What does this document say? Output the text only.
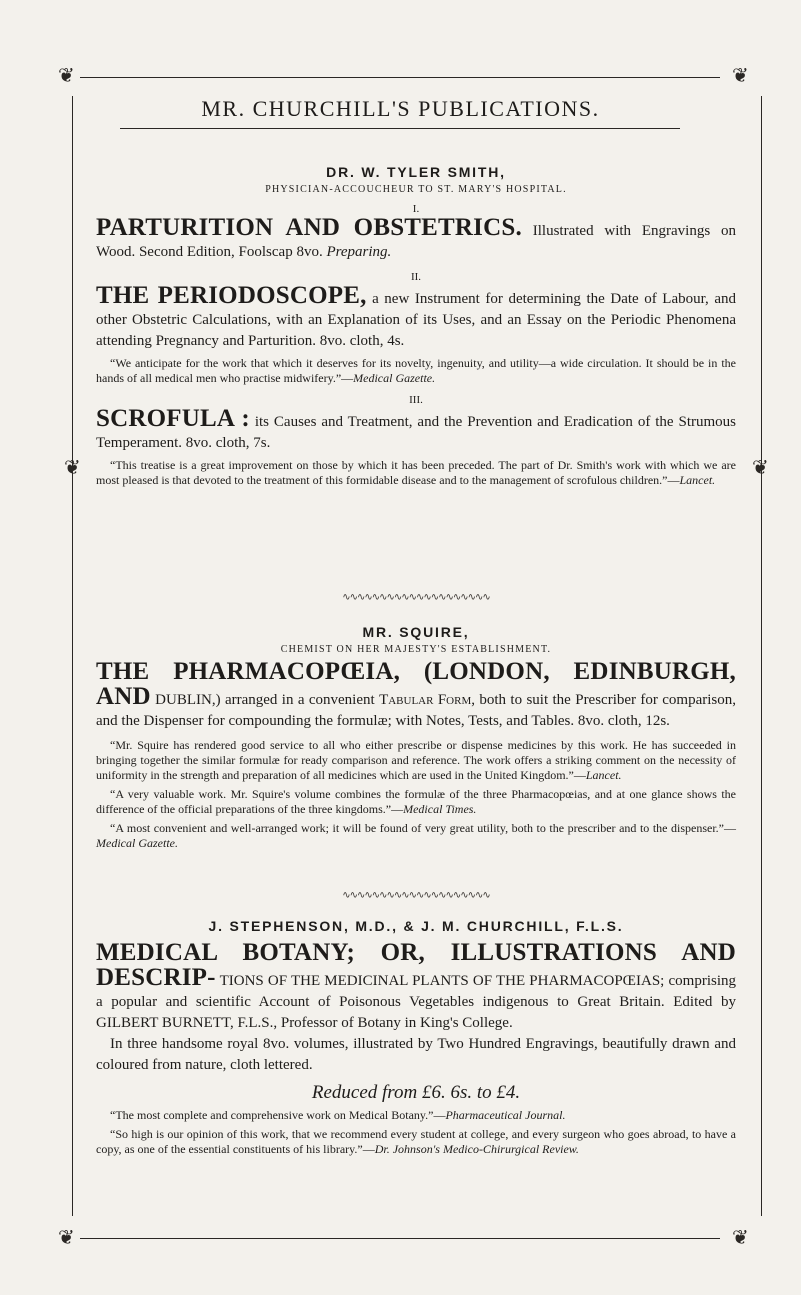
❦	❦
❦	❦
❦	❦
MR. CHURCHILL'S PUBLICATIONS.

DR. W. TYLER SMITH,

PHYSICIAN-ACCOUCHEUR TO ST. MARY'S HOSPITAL.

I.

PARTURITION AND OBSTETRICS. Illustrated with Engravings on Wood. Second Edition, Foolscap 8vo. Preparing.

II.

THE PERIODOSCOPE, a new Instrument for determining the Date of Labour, and other Obstetric Calculations, with an Explanation of its Uses, and an Essay on the Periodic Phenomena attending Pregnancy and Parturition. 8vo. cloth, 4s.

“We anticipate for the work that which it deserves for its novelty, ingenuity, and utility—a wide circulation. It should be in the hands of all medical men who practise midwifery.”—Medical Gazette.

III.

SCROFULA : its Causes and Treatment, and the Prevention and Eradication of the Strumous Temperament. 8vo. cloth, 7s.

“This treatise is a great improvement on those by which it has been preceded. The part of Dr. Smith's work with which we are most pleased is that devoted to the treatment of this formidable disease and to the management of scrofulous children.”—Lancet.

∿∿∿∿∿∿∿∿∿∿∿∿∿∿∿∿∿∿∿∿

MR. SQUIRE,

CHEMIST ON HER MAJESTY'S ESTABLISHMENT.

THE PHARMACOPŒIA, (LONDON, EDINBURGH, AND DUBLIN,) arranged in a convenient Tabular Form, both to suit the Prescriber for comparison, and the Dispenser for compounding the formulæ; with Notes, Tests, and Tables. 8vo. cloth, 12s.

“Mr. Squire has rendered good service to all who either prescribe or dispense medicines by this work. He has succeeded in bringing together the similar formulæ for ready comparison and reference. The work offers a striking comment on the necessity of uniformity in the strength and preparation of all medicines which are used in the United Kingdom.”—Lancet.

“A very valuable work. Mr. Squire's volume combines the formulæ of the three Pharmacopœias, and at one glance shows the difference of the official preparations of the three kingdoms.”—Medical Times.

“A most convenient and well-arranged work; it will be found of very great utility, both to the prescriber and to the dispenser.”—Medical Gazette.

∿∿∿∿∿∿∿∿∿∿∿∿∿∿∿∿∿∿∿∿

J. STEPHENSON, M.D., & J. M. CHURCHILL, F.L.S.

MEDICAL BOTANY; OR, ILLUSTRATIONS AND DESCRIP- TIONS OF THE MEDICINAL PLANTS OF THE PHARMACOPŒIAS; comprising a popular and scientific Account of Poisonous Vegetables indigenous to Great Britain. Edited by GILBERT BURNETT, F.L.S., Professor of Botany in King's College.

In three handsome royal 8vo. volumes, illustrated by Two Hundred Engravings, beautifully drawn and coloured from nature, cloth lettered.

Reduced from £6. 6s. to £4.

“The most complete and comprehensive work on Medical Botany.”—Pharmaceutical Journal.

“So high is our opinion of this work, that we recommend every student at college, and every surgeon who goes abroad, to have a copy, as one of the essential constituents of his library.”—Dr. Johnson's Medico-Chirurgical Review.
